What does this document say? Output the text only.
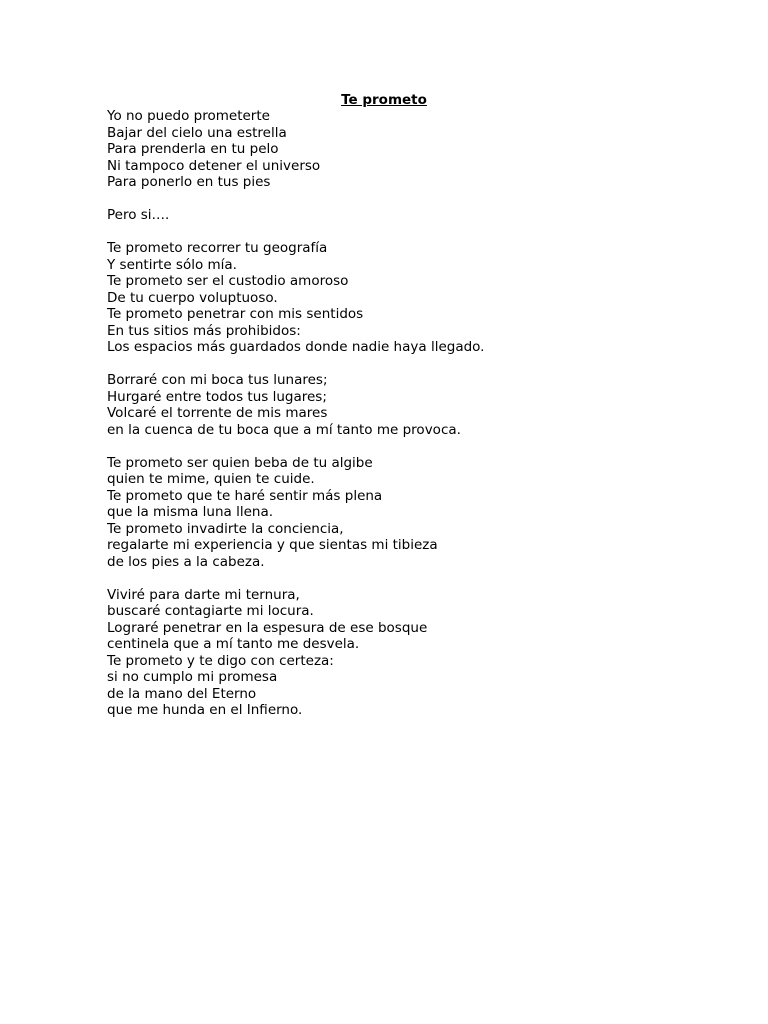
Te prometo
Yo no puedo prometerte
Bajar del cielo una estrella
Para prenderla en tu pelo
Ni tampoco detener el universo
Para ponerlo en tus pies
Pero si….
Te prometo recorrer tu geografía
Y sentirte sólo mía.
Te prometo ser el custodio amoroso
De tu cuerpo voluptuoso.
Te prometo penetrar con mis sentidos
En tus sitios más prohibidos:
Los espacios más guardados donde nadie haya llegado.
Borraré con mi boca tus lunares;
Hurgaré entre todos tus lugares;
Volcaré el torrente de mis mares
en la cuenca de tu boca que a mí tanto me provoca.
Te prometo ser quien beba de tu algibe
quien te mime, quien te cuide.
Te prometo que te haré sentir más plena
que la misma luna llena.
Te prometo invadirte la conciencia,
regalarte mi experiencia y que sientas mi tibieza
de los pies a la cabeza.
Viviré para darte mi ternura,
buscaré contagiarte mi locura.
Lograré penetrar en la espesura de ese bosque
centinela que a mí tanto me desvela.
Te prometo y te digo con certeza:
si no cumplo mi promesa
de la mano del Eterno
que me hunda en el Infierno.
